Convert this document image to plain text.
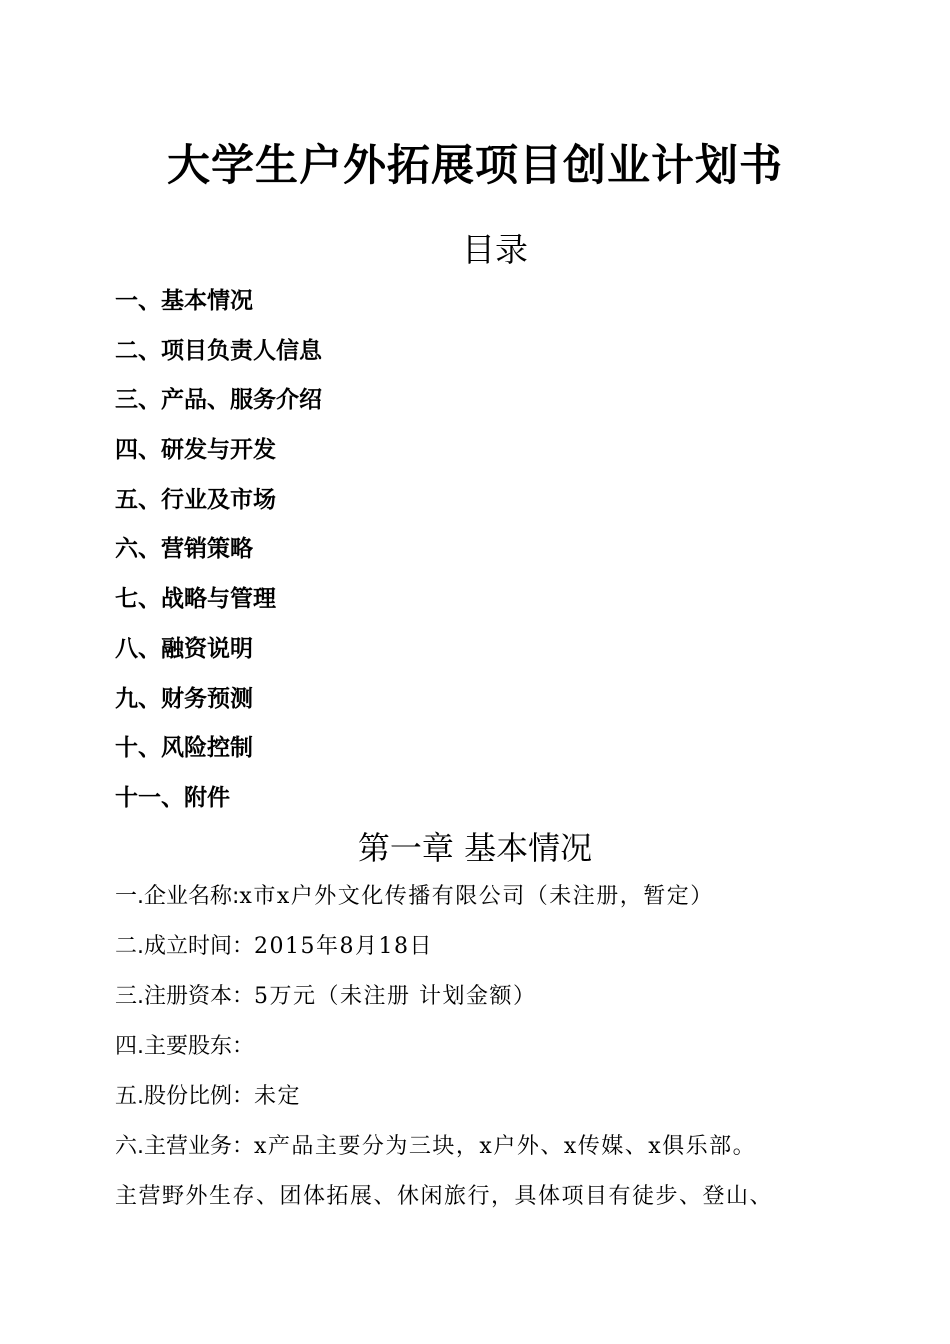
大学生户外拓展项目创业计划书
目录
一、基本情况
二、项目负责人信息
三、产品、服务介绍
四、研发与开发
五、行业及市场
六、营销策略
七、战略与管理
八、融资说明
九、财务预测
十、风险控制
十一、附件
第一章 基本情况
一.企业名称:x市x户外文化传播有限公司（未注册，暂定）
二.成立时间：2015年8月18日
三.注册资本：5万元（未注册 计划金额）
四.主要股东：
五.股份比例：未定
六.主营业务：x产品主要分为三块，x户外、x传媒、x俱乐部。
主营野外生存、团体拓展、休闲旅行，具体项目有徒步、登山、
